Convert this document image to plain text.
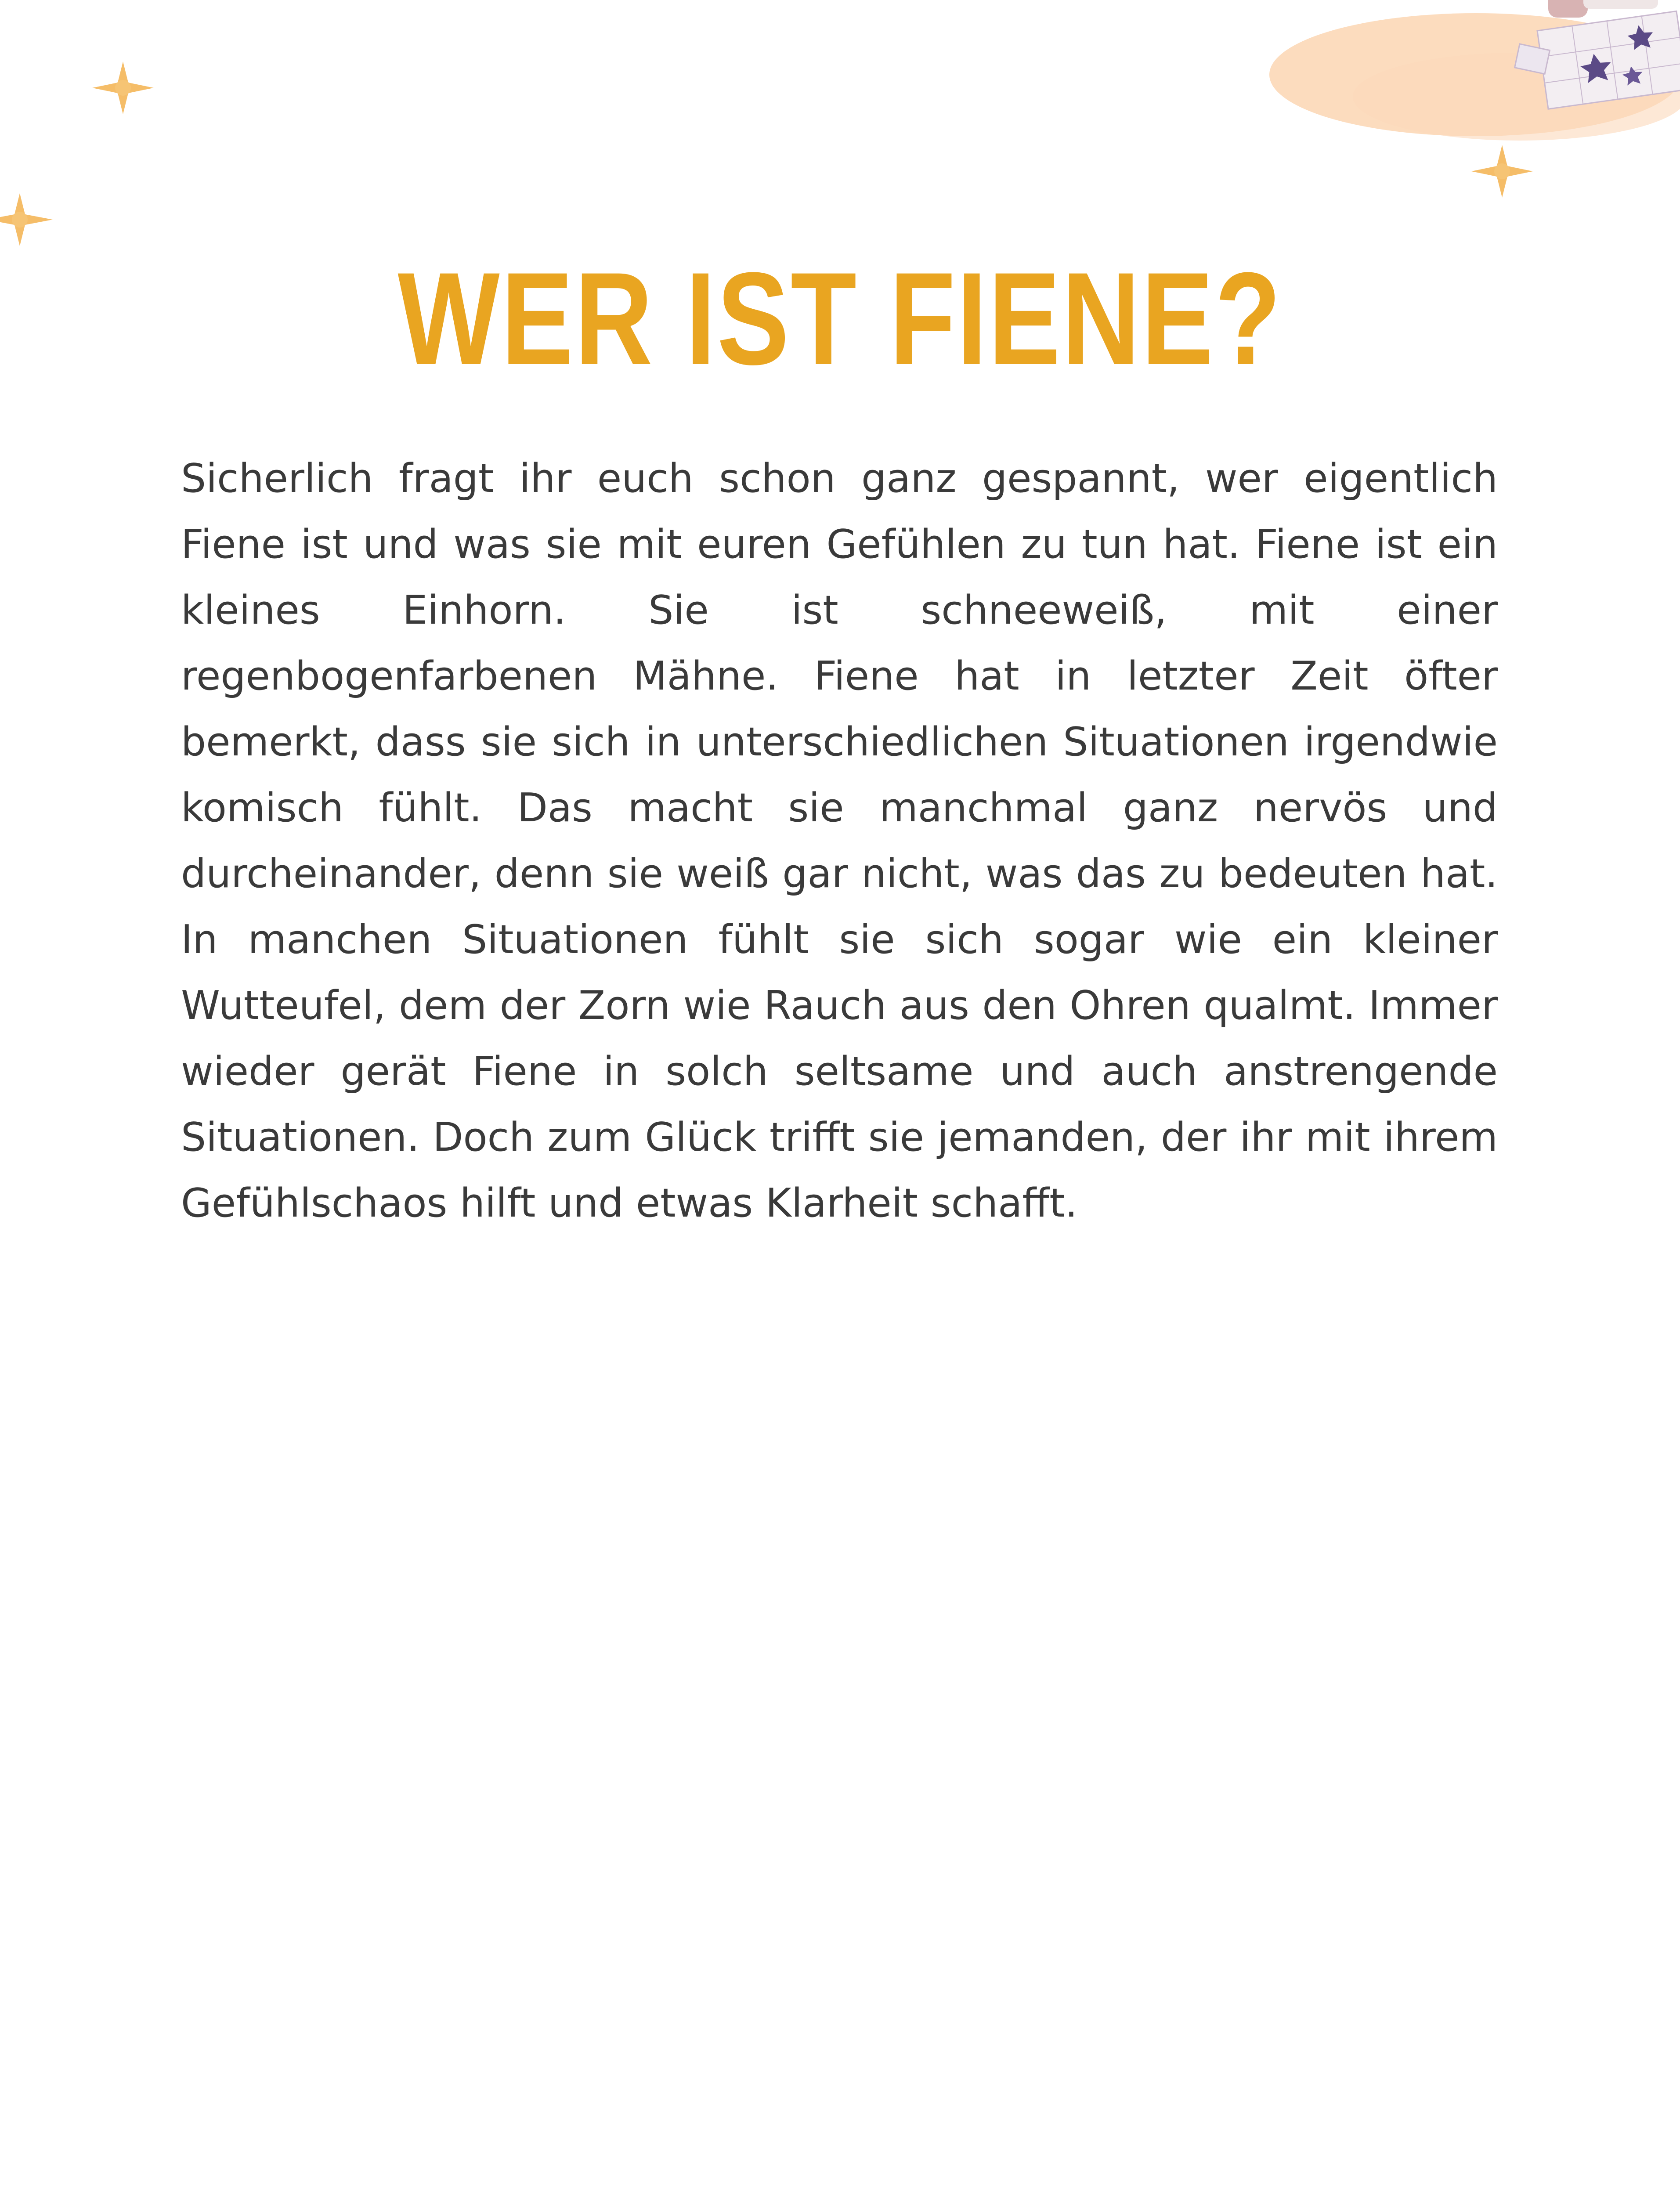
WER IST FIENE?

Sicherlich fragt ihr euch schon ganz gespannt, wer eigentlich Fiene ist und was sie mit euren Gefühlen zu tun hat. Fiene ist ein kleines Einhorn. Sie ist schneeweiß, mit einer regenbogenfarbenen Mähne. Fiene hat in letzter Zeit öfter bemerkt, dass sie sich in unterschiedlichen Situationen irgendwie komisch fühlt. Das macht sie manchmal ganz nervös und durcheinander, denn sie weiß gar nicht, was das zu bedeuten hat. In manchen Situationen fühlt sie sich sogar wie ein kleiner Wutteufel, dem der Zorn wie Rauch aus den Ohren qualmt. Immer wieder gerät Fiene in solch seltsame und auch anstrengende Situationen. Doch zum Glück trifft sie jemanden, der ihr mit ihrem Gefühlschaos hilft und etwas Klarheit schafft.
